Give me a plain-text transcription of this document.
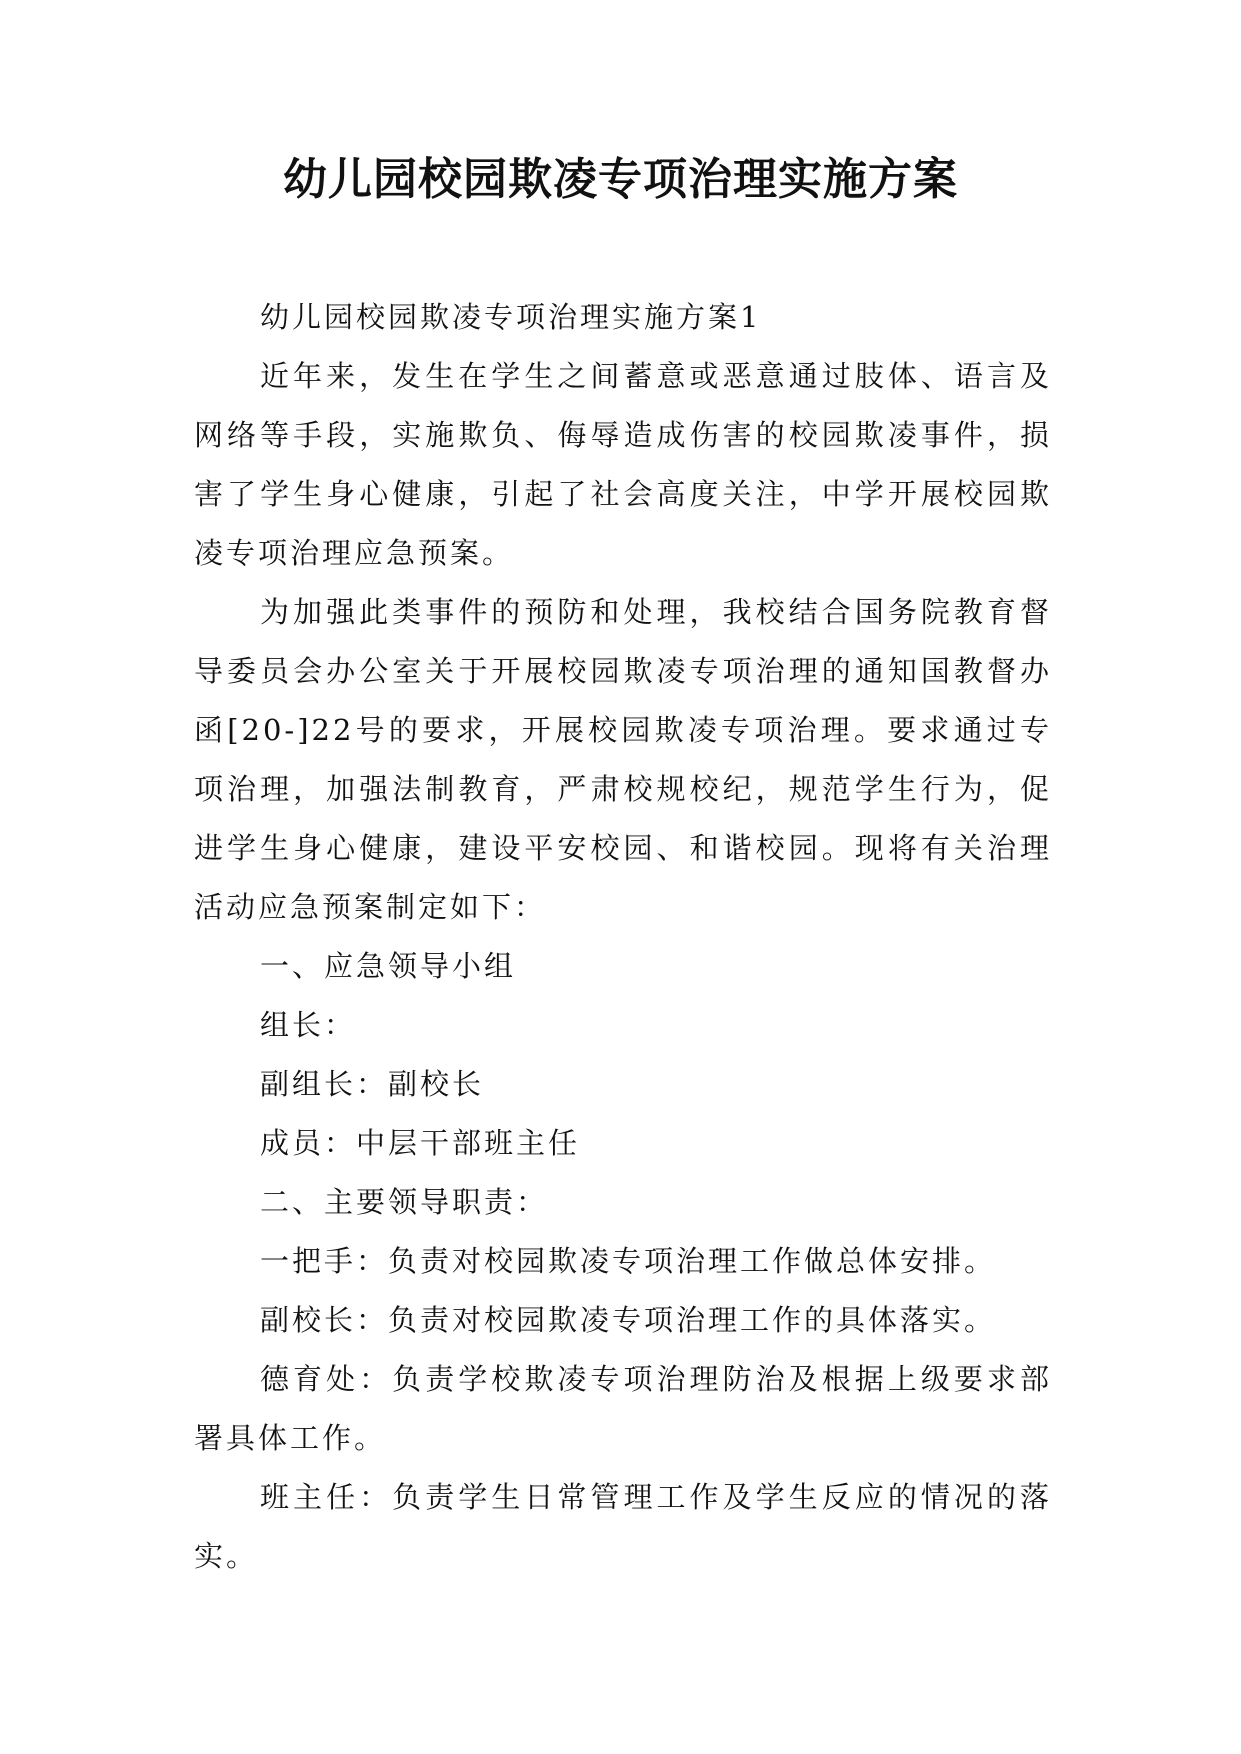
幼儿园校园欺凌专项治理实施方案

幼儿园校园欺凌专项治理实施方案1

近年来，发生在学生之间蓄意或恶意通过肢体、语言及网络等手段，实施欺负、侮辱造成伤害的校园欺凌事件，损害了学生身心健康，引起了社会高度关注，中学开展校园欺凌专项治理应急预案。

为加强此类事件的预防和处理，我校结合国务院教育督导委员会办公室关于开展校园欺凌专项治理的通知国教督办函[20-]22号的要求，开展校园欺凌专项治理。要求通过专项治理，加强法制教育，严肃校规校纪，规范学生行为，促进学生身心健康，建设平安校园、和谐校园。现将有关治理活动应急预案制定如下：

一、应急领导小组

组长：

副组长：副校长

成员：中层干部班主任

二、主要领导职责：

一把手：负责对校园欺凌专项治理工作做总体安排。

副校长：负责对校园欺凌专项治理工作的具体落实。

德育处：负责学校欺凌专项治理防治及根据上级要求部署具体工作。

班主任：负责学生日常管理工作及学生反应的情况的落实。
